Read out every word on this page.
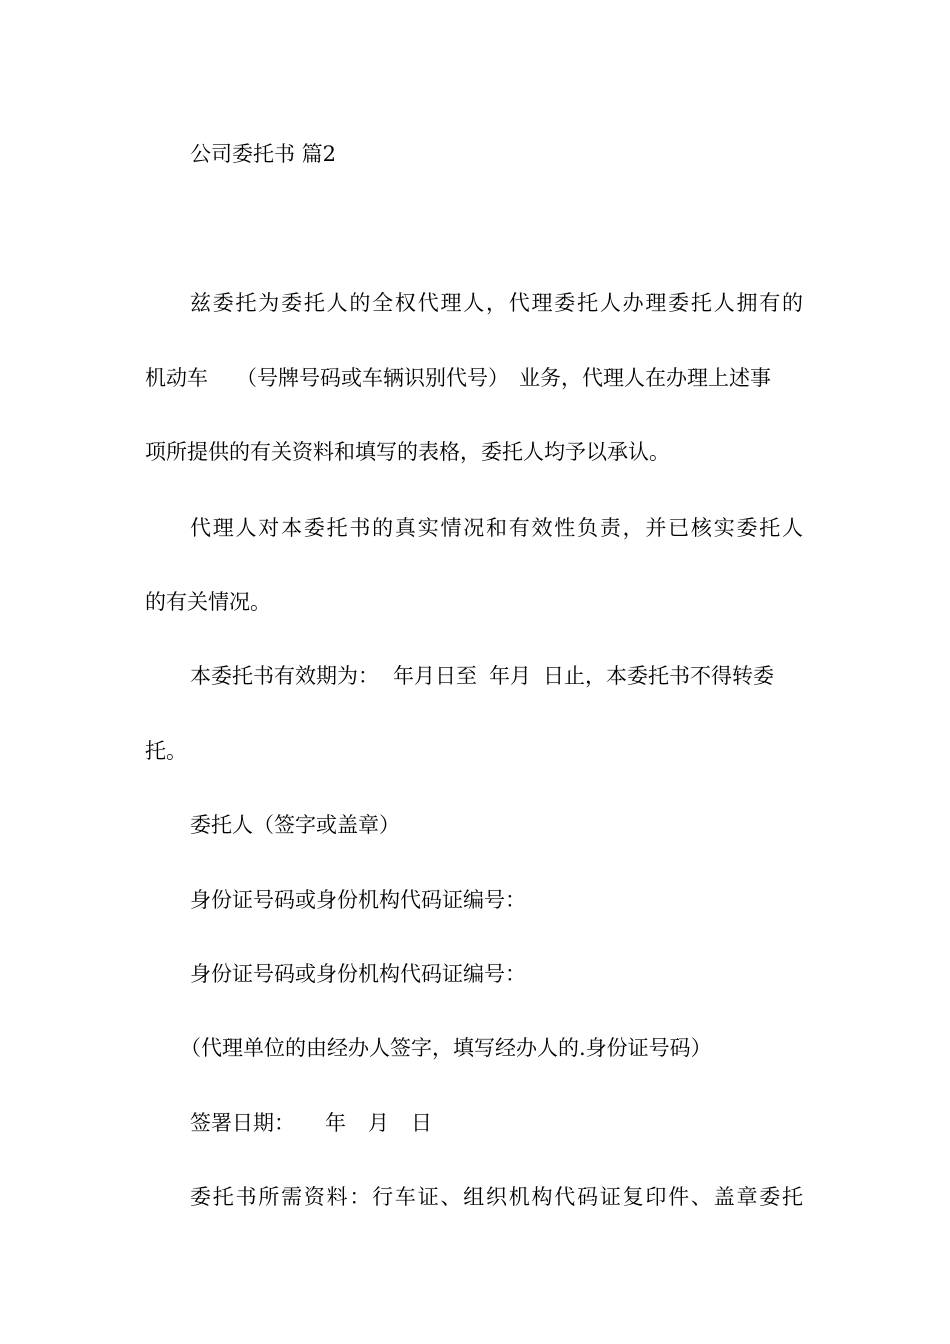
公司委托书 篇2

兹委托为委托人的全权代理人，代理委托人办理委托人拥有的

机动车 （号牌号码或车辆识别代号） 业务，代理人在办理上述事

项所提供的有关资料和填写的表格，委托人均予以承认。

代理人对本委托书的真实情况和有效性负责，并已核实委托人

的有关情况。

本委托书有效期为： 年月日至 年月 日止，本委托书不得转委

托。

委托人（签字或盖章）

身份证号码或身份机构代码证编号：

身份证号码或身份机构代码证编号：

（代理单位的由经办人签字，填写经办人的.身份证号码）

签署日期： 年 月 日

委托书所需资料：行车证、组织机构代码证复印件、盖章委托
